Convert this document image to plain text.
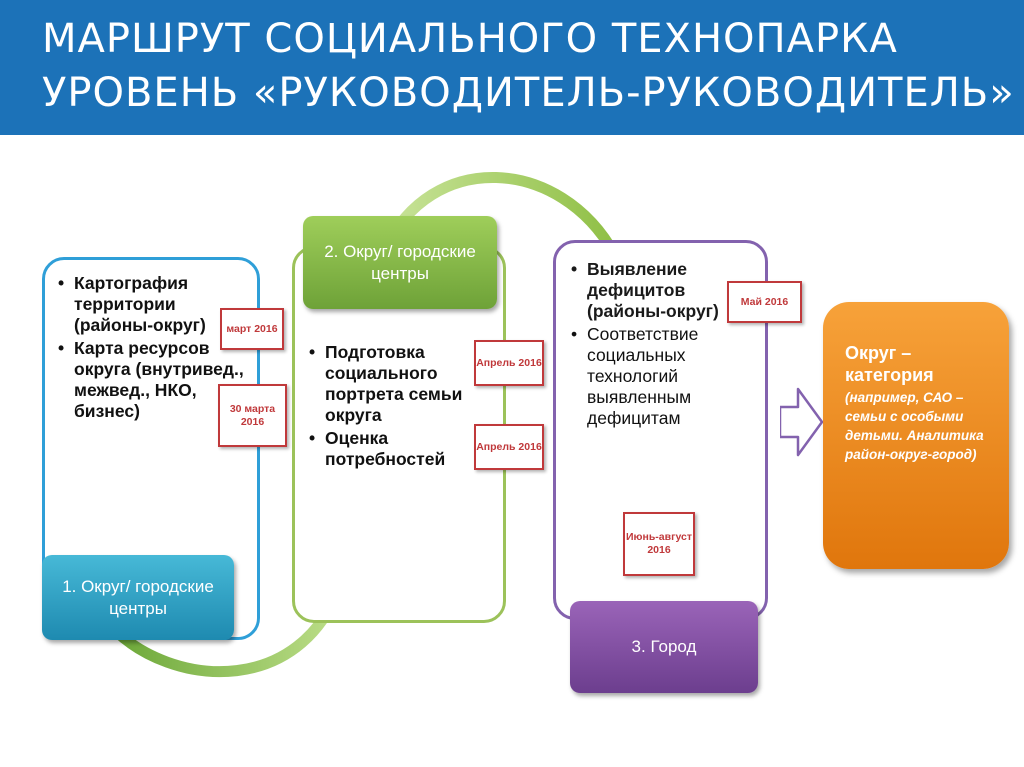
МАРШРУТ СОЦИАЛЬНОГО ТЕХНОПАРКА
УРОВЕНЬ «РУКОВОДИТЕЛЬ-РУКОВОДИТЕЛЬ»
• Картография территории (районы-округ)
• Карта ресурсов округа (внутривед., межвед., НКО, бизнес)
• Подготовка социального портрета семьи округа
• Оценка потребностей
• Выявление дефицитов (районы-округ)
• Соответствие социальных технологий выявленным дефицитам
1. Округ/ городские центры
2. Округ/ городские центры
3. Город
март 2016
30 марта 2016
Апрель 2016
Апрель 2016
Май 2016
Июнь-август 2016
Округ – категория
(например, САО – семьи с особыми детьми. Аналитика район-округ-город)
